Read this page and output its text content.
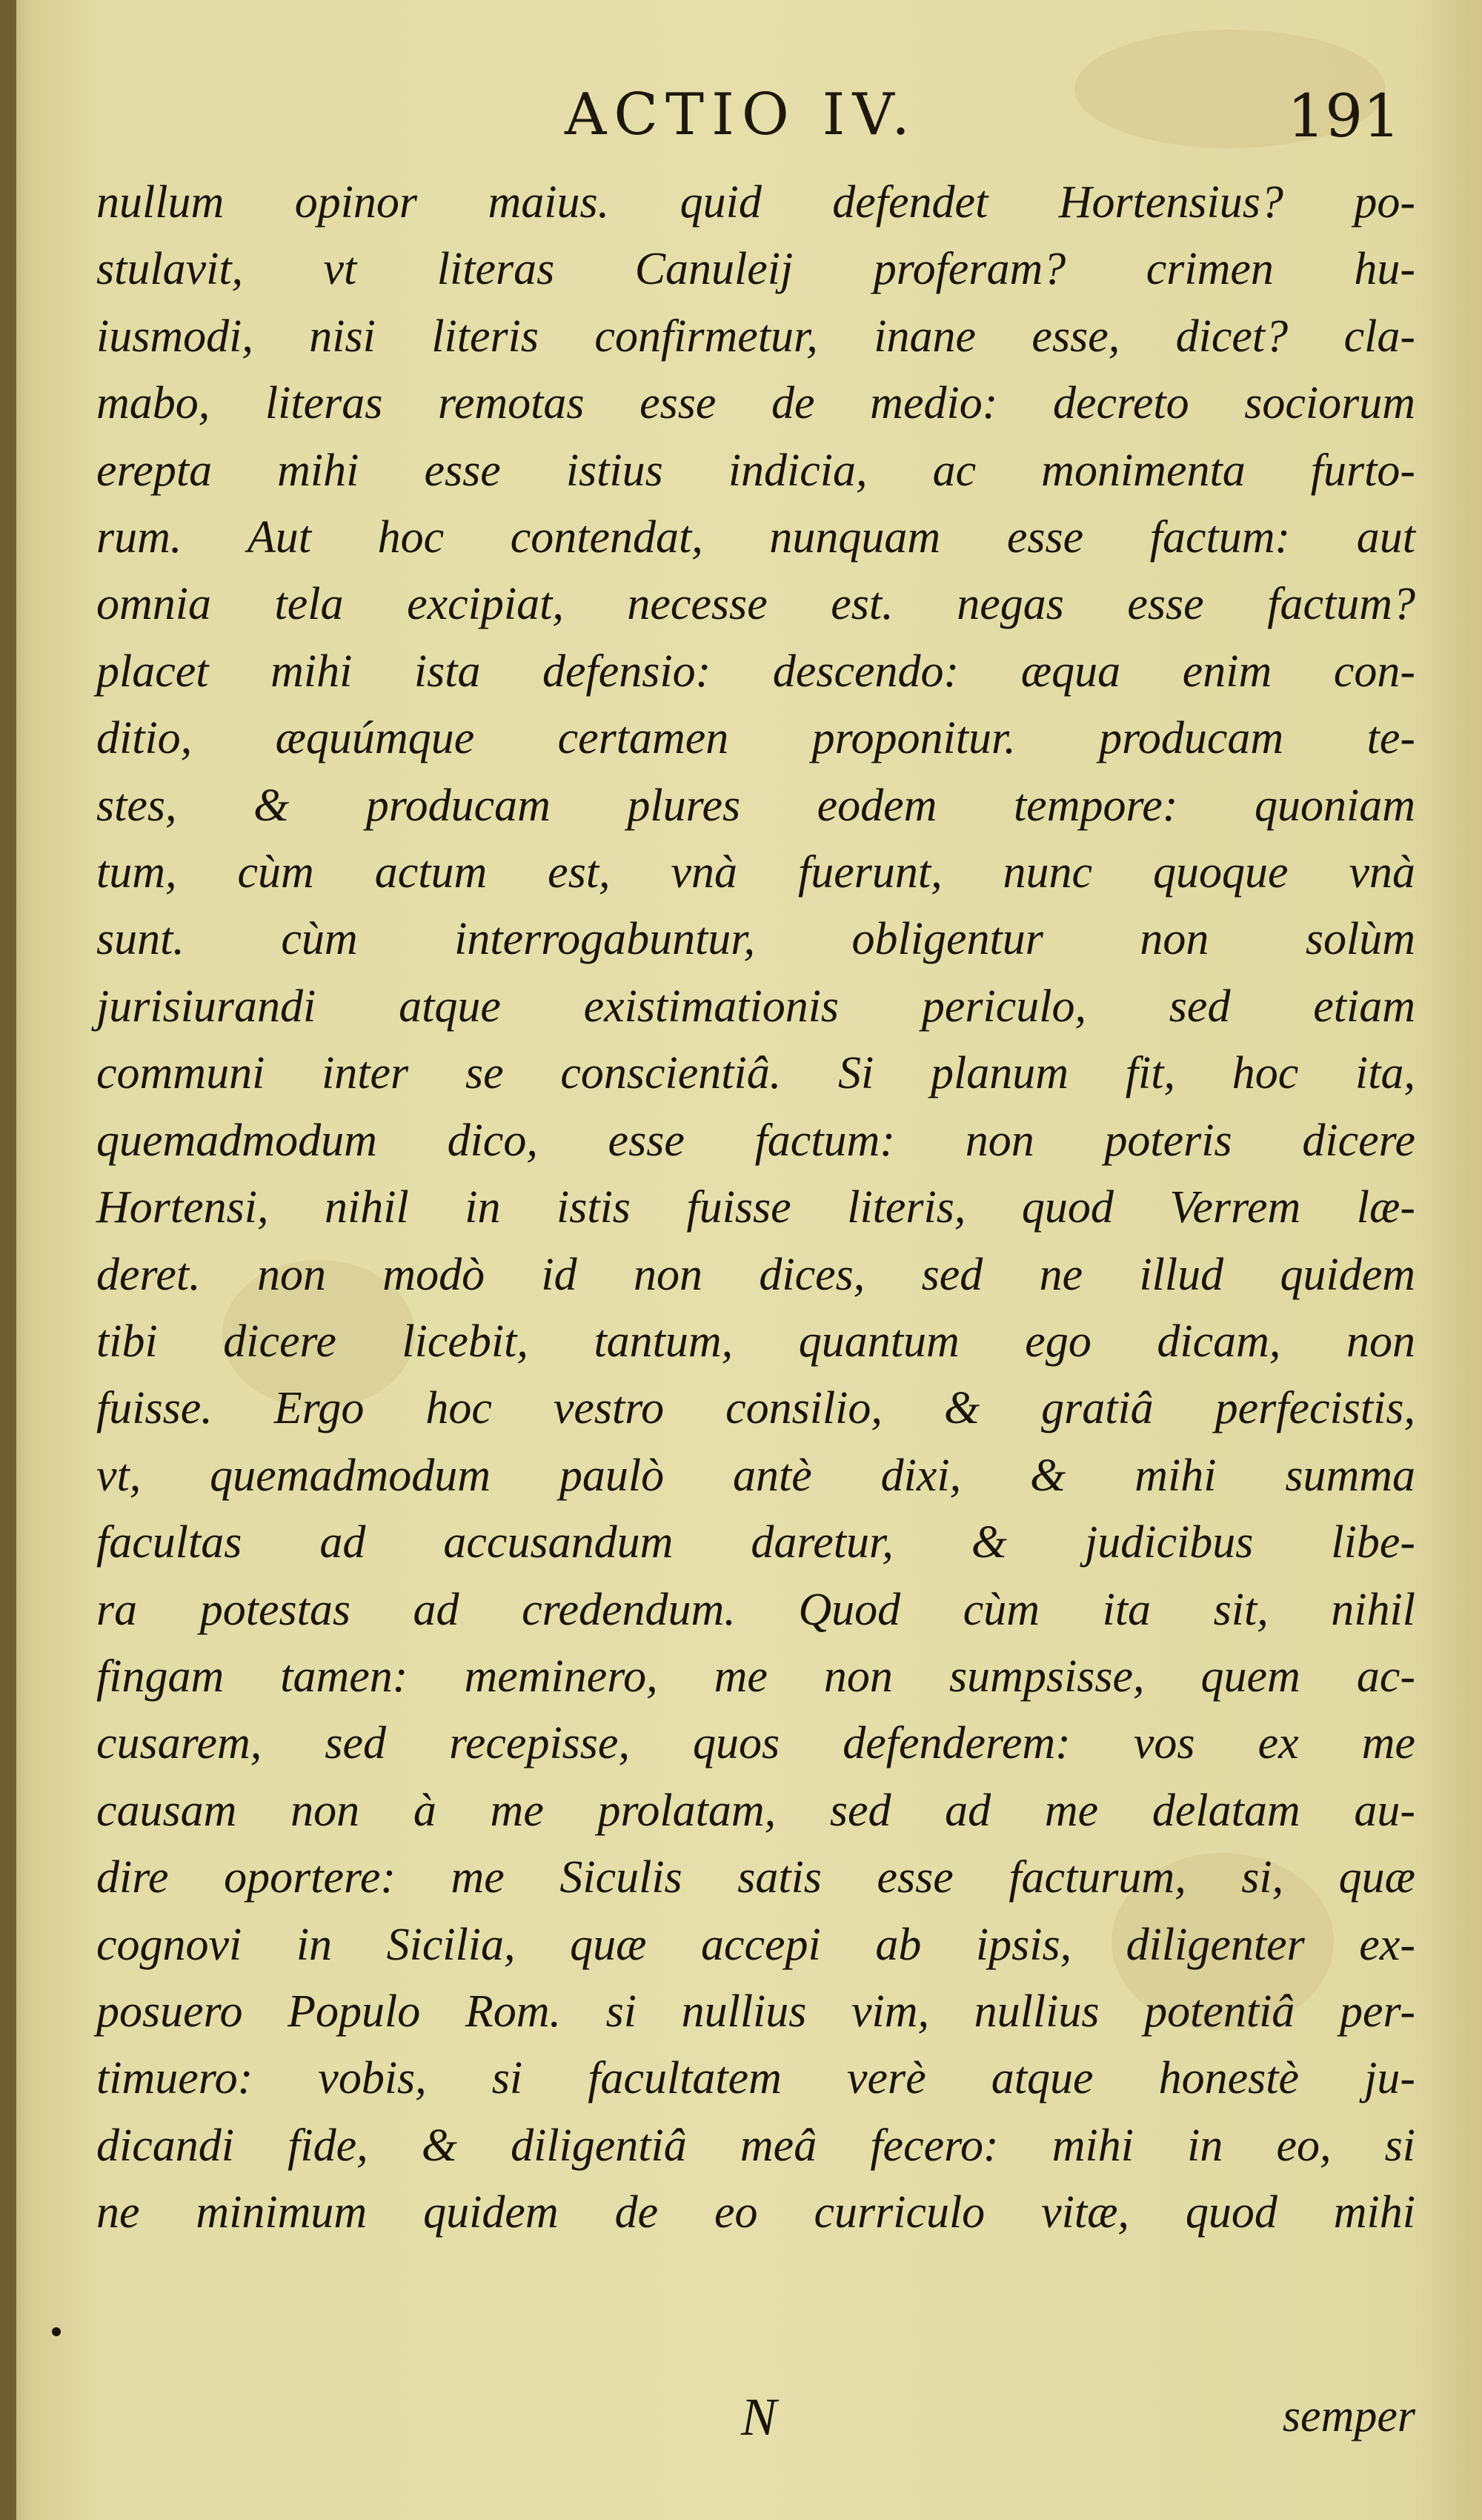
ACTIO IV.	191
nullum opinor maius. quid defendet Hortensius? po-
stulavit, vt literas Canuleij proferam? crimen hu-
iusmodi, nisi literis confirmetur, inane esse, dicet? cla-
mabo, literas remotas esse de medio: decreto sociorum
erepta mihi esse istius indicia, ac monimenta furto-
rum. Aut hoc contendat, nunquam esse factum: aut
omnia tela excipiat, necesse est. negas esse factum?
placet mihi ista defensio: descendo: æqua enim con-
ditio, æquúmque certamen proponitur. producam te-
stes, & producam plures eodem tempore: quoniam
tum, cùm actum est, vnà fuerunt, nunc quoque vnà
sunt. cùm interrogabuntur, obligentur non solùm
jurisiurandi atque existimationis periculo, sed etiam
communi inter se conscientiâ. Si planum fit, hoc ita,
quemadmodum dico, esse factum: non poteris dicere
Hortensi, nihil in istis fuisse literis, quod Verrem læ-
deret. non modò id non dices, sed ne illud quidem
tibi dicere licebit, tantum, quantum ego dicam, non
fuisse. Ergo hoc vestro consilio, & gratiâ perfecistis,
vt, quemadmodum paulò antè dixi, & mihi summa
facultas ad accusandum daretur, & judicibus libe-
ra potestas ad credendum. Quod cùm ita sit, nihil
fingam tamen: meminero, me non sumpsisse, quem ac-
cusarem, sed recepisse, quos defenderem: vos ex me
causam non à me prolatam, sed ad me delatam au-
dire oportere: me Siculis satis esse facturum, si, quæ
cognovi in Sicilia, quæ accepi ab ipsis, diligenter ex-
posuero Populo Rom. si nullius vim, nullius potentiâ per-
timuero: vobis, si facultatem verè atque honestè ju-
dicandi fide, & diligentiâ meâ fecero: mihi in eo, si
ne minimum quidem de eo curriculo vitæ, quod mihi
N	semper
